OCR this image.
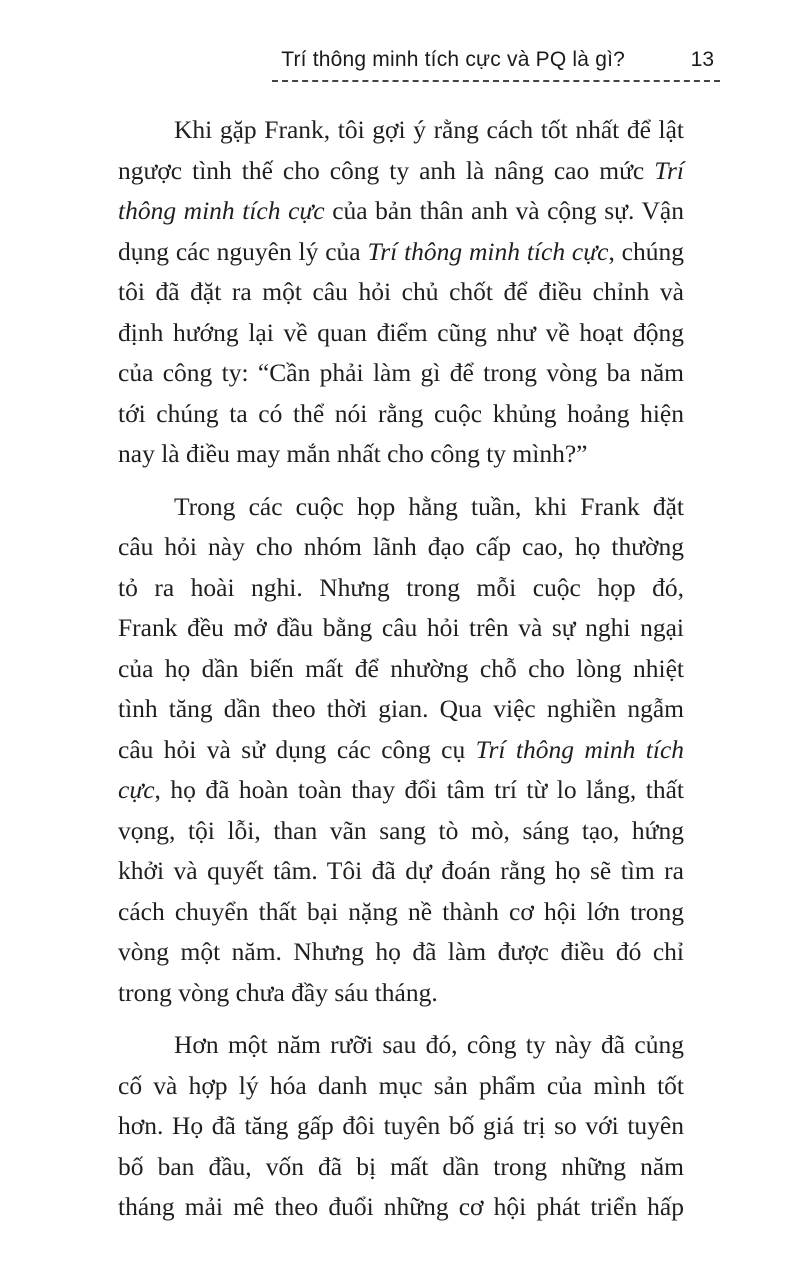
Trí thông minh tích cực và PQ là gì?	13
Khi gặp Frank, tôi gợi ý rằng cách tốt nhất để lật
ngược tình thế cho công ty anh là nâng cao mức Trí
thông minh tích cực của bản thân anh và cộng sự. Vận
dụng các nguyên lý của Trí thông minh tích cực, chúng
tôi đã đặt ra một câu hỏi chủ chốt để điều chỉnh và
định hướng lại về quan điểm cũng như về hoạt động
của công ty: “Cần phải làm gì để trong vòng ba năm
tới chúng ta có thể nói rằng cuộc khủng hoảng hiện
nay là điều may mắn nhất cho công ty mình?”
Trong các cuộc họp hằng tuần, khi Frank đặt
câu hỏi này cho nhóm lãnh đạo cấp cao, họ thường
tỏ ra hoài nghi. Nhưng trong mỗi cuộc họp đó,
Frank đều mở đầu bằng câu hỏi trên và sự nghi ngại
của họ dần biến mất để nhường chỗ cho lòng nhiệt
tình tăng dần theo thời gian. Qua việc nghiền ngẫm
câu hỏi và sử dụng các công cụ Trí thông minh tích
cực, họ đã hoàn toàn thay đổi tâm trí từ lo lắng, thất
vọng, tội lỗi, than vãn sang tò mò, sáng tạo, hứng
khởi và quyết tâm. Tôi đã dự đoán rằng họ sẽ tìm ra
cách chuyển thất bại nặng nề thành cơ hội lớn trong
vòng một năm. Nhưng họ đã làm được điều đó chỉ
trong vòng chưa đầy sáu tháng.
Hơn một năm rưỡi sau đó, công ty này đã củng
cố và hợp lý hóa danh mục sản phẩm của mình tốt
hơn. Họ đã tăng gấp đôi tuyên bố giá trị so với tuyên
bố ban đầu, vốn đã bị mất dần trong những năm
tháng mải mê theo đuổi những cơ hội phát triển hấp
